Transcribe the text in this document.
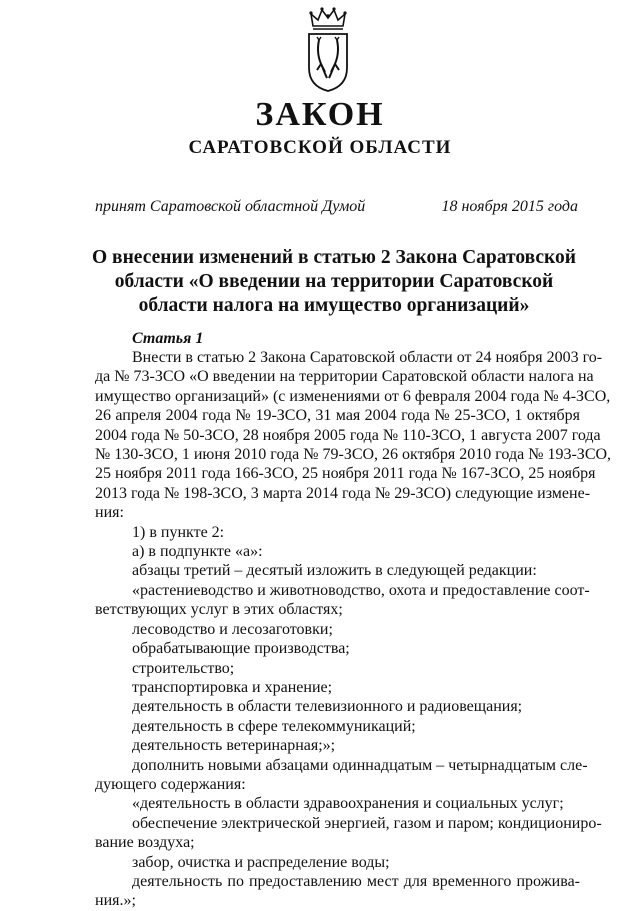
ЗАКОН
САРАТОВСКОЙ ОБЛАСТИ
принят Саратовской областной Думой	18 ноября 2015 года
О внесении изменений в статью 2 Закона Саратовской
области «О введении на территории Саратовской
области налога на имущество организаций»
Статья 1
Внести в статью 2 Закона Саратовской области от 24 ноября 2003 го-
да № 73-ЗСО «О введении на территории Саратовской области налога на
имущество организаций» (с изменениями от 6 февраля 2004 года № 4-ЗСО,
26 апреля 2004 года № 19-ЗСО, 31 мая 2004 года № 25-ЗСО, 1 октября
2004 года № 50-ЗСО, 28 ноября 2005 года № 110-ЗСО, 1 августа 2007 года
№ 130-ЗСО, 1 июня 2010 года № 79-ЗСО, 26 октября 2010 года № 193-ЗСО,
25 ноября 2011 года 166-ЗСО, 25 ноября 2011 года № 167-ЗСО, 25 ноября
2013 года № 198-ЗСО, 3 марта 2014 года № 29-ЗСО) следующие измене-
ния:
1) в пункте 2:
а) в подпункте «а»:
абзацы третий – десятый изложить в следующей редакции:
«растениеводство и животноводство, охота и предоставление соот-
ветствующих услуг в этих областях;
лесоводство и лесозаготовки;
обрабатывающие производства;
строительство;
транспортировка и хранение;
деятельность в области телевизионного и радиовещания;
деятельность в сфере телекоммуникаций;
деятельность ветеринарная;»;
дополнить новыми абзацами одиннадцатым – четырнадцатым сле-
дующего содержания:
«деятельность в области здравоохранения и социальных услуг;
обеспечение электрической энергией, газом и паром; кондициониро-
вание воздуха;
забор, очистка и распределение воды;
деятельность по предоставлению мест для временного прожива-
ния.»;
